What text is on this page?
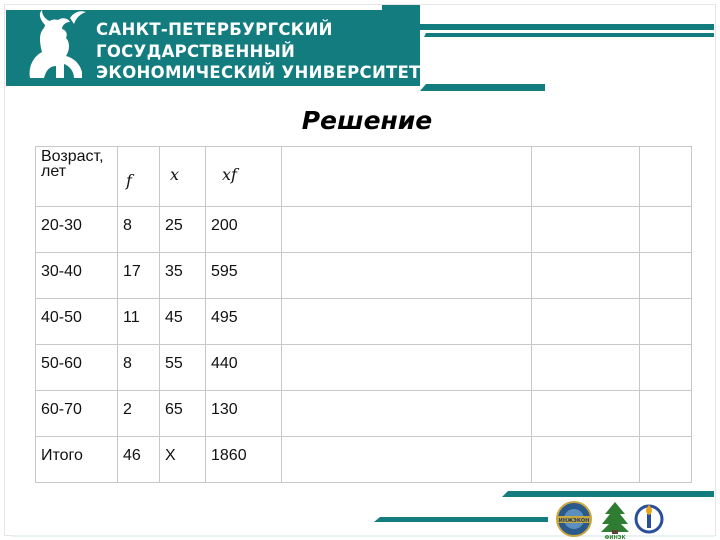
САНКТ-ПЕТЕРБУРГСКИЙ
ГОСУДАРСТВЕННЫЙ
ЭКОНОМИЧЕСКИЙ УНИВЕРСИТЕТ
Решение
Возраст, лет	f	x	xf			
20-30	8	25	200			
30-40	17	35	595			
40-50	11	45	495			
50-60	8	55	440			
60-70	2	65	130			
Итого	46	X	1860			
ИНЖЭКОН
ФИНЭК
